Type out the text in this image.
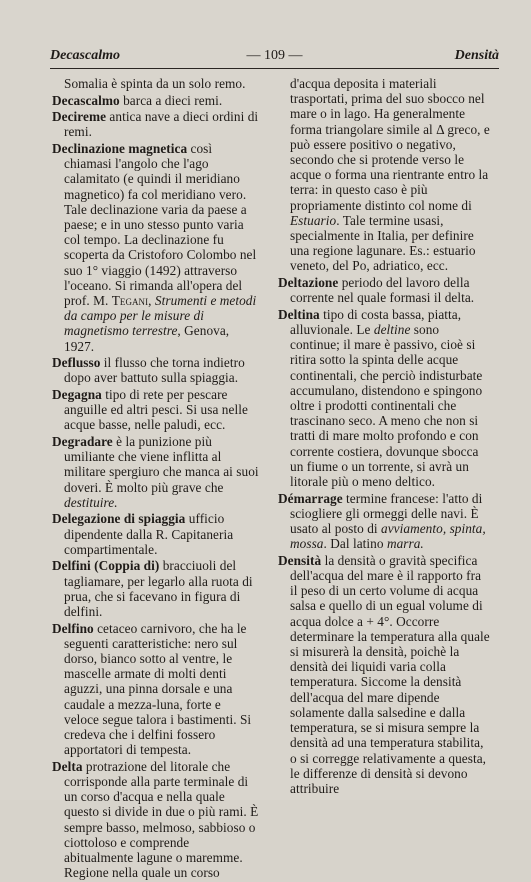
Decascalmo	— 109 —	Densità

Somalia è spinta da un solo remo.

Decascalmo barca a dieci remi.

Decireme antica nave a dieci ordini di remi.

Declinazione magnetica così chiamasi l'angolo che l'ago calamitato (e quindi il meridiano magnetico) fa col meridiano vero. Tale declinazione varia da paese a paese; e in uno stesso punto varia col tempo. La declinazione fu scoperta da Cristoforo Colombo nel suo 1° viaggio (1492) attraverso l'oceano. Si rimanda all'opera del prof. M. Tegani, Strumenti e metodi da campo per le misure di magnetismo terrestre, Genova, 1927.

Deflusso il flusso che torna indietro dopo aver battuto sulla spiaggia.

Degagna tipo di rete per pescare anguille ed altri pesci. Si usa nelle acque basse, nelle paludi, ecc.

Degradare è la punizione più umiliante che viene inflitta al militare spergiuro che manca ai suoi doveri. È molto più grave che destituire.

Delegazione di spiaggia ufficio dipendente dalla R. Capitaneria compartimentale.

Delfini (Coppia di) bracciuoli del tagliamare, per legarlo alla ruota di prua, che si facevano in figura di delfini.

Delfino cetaceo carnivoro, che ha le seguenti caratteristiche: nero sul dorso, bianco sotto al ventre, le mascelle armate di molti denti aguzzi, una pinna dorsale e una caudale a mezza-luna, forte e veloce segue talora i bastimenti. Si credeva che i delfini fossero apportatori di tempesta.

Delta protrazione del litorale che corrisponde alla parte terminale di un corso d'acqua e nella quale questo si divide in due o più rami. È sempre basso, melmoso, sabbioso o ciottoloso e comprende abitualmente lagune o maremme. Regione nella quale un corso

d'acqua deposita i materiali trasportati, prima del suo sbocco nel mare o in lago. Ha generalmente forma triangolare simile al Δ greco, e può essere positivo o negativo, secondo che si protende verso le acque o forma una rientrante entro la terra: in questo caso è più propriamente distinto col nome di Estuario. Tale termine usasi, specialmente in Italia, per definire una regione lagunare. Es.: estuario veneto, del Po, adriatico, ecc.

Deltazione periodo del lavoro della corrente nel quale formasi il delta.

Deltina tipo di costa bassa, piatta, alluvionale. Le deltine sono continue; il mare è passivo, cioè si ritira sotto la spinta delle acque continentali, che perciò indisturbate accumulano, distendono e spingono oltre i prodotti continentali che trascinano seco. A meno che non si tratti di mare molto profondo e con corrente costiera, dovunque sbocca un fiume o un torrente, si avrà un litorale più o meno deltico.

Démarrage termine francese: l'atto di sciogliere gli ormeggi delle navi. È usato al posto di avviamento, spinta, mossa. Dal latino marra.

Densità la densità o gravità specifica dell'acqua del mare è il rapporto fra il peso di un certo volume di acqua salsa e quello di un egual volume di acqua dolce a + 4°. Occorre determinare la temperatura alla quale si misurerà la densità, poichè la densità dei liquidi varia colla temperatura. Siccome la densità dell'acqua del mare dipende solamente dalla salsedine e dalla temperatura, se si misura sempre la densità ad una temperatura stabilita, o si corregge relativamente a questa, le differenze di densità si devono attribuire
